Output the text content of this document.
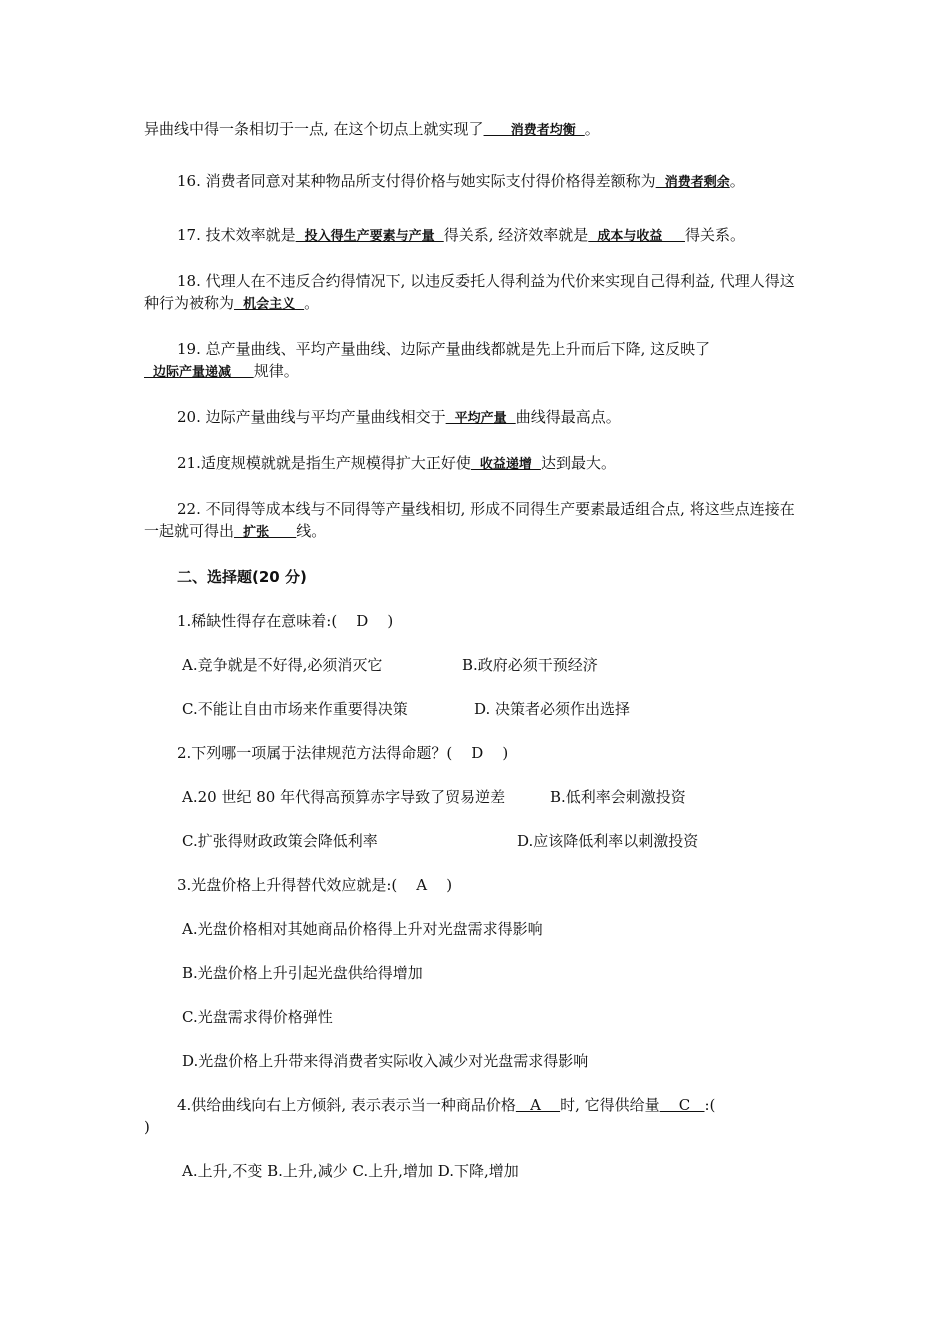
异曲线中得一条相切于一点, 在这个切点上就实现了      消费者均衡  。
16. 消费者同意对某种物品所支付得价格与她实际支付得价格得差额称为  消费者剩余。
17. 技术效率就是  投入得生产要素与产量  得关系, 经济效率就是  成本与收益     得关系。
18. 代理人在不违反合约得情况下, 以违反委托人得利益为代价来实现自己得利益, 代理人得这种行为被称为  机会主义  。
19. 总产量曲线、平均产量曲线、边际产量曲线都就是先上升而后下降, 这反映了  边际产量递减     规律。
20. 边际产量曲线与平均产量曲线相交于  平均产量  曲线得最高点。
21.适度规模就就是指生产规模得扩大正好使  收益递增  达到最大。
22. 不同得等成本线与不同得等产量线相切, 形成不同得生产要素最适组合点, 将这些点连接在一起就可得出  扩张      线。
二、选择题(20 分)
1.稀缺性得存在意味着:(    D    )
A.竞争就是不好得,必须消灭它	B.政府必须干预经济
C.不能让自由市场来作重要得决策	D. 决策者必须作出选择
2.下列哪一项属于法律规范方法得命题？(    D    )
A.20 世纪 80 年代得高预算赤字导致了贸易逆差	B.低利率会刺激投资
C.扩张得财政政策会降低利率	D.应该降低利率以刺激投资
3.光盘价格上升得替代效应就是:(    A    )
A.光盘价格相对其她商品价格得上升对光盘需求得影响
B.光盘价格上升引起光盘供给得增加
C.光盘需求得价格弹性
D.光盘价格上升带来得消费者实际收入减少对光盘需求得影响
4.供给曲线向右上方倾斜, 表示表示当一种商品价格   A    时, 它得供给量    C   :(
)
A.上升,不变 B.上升,减少 C.上升,增加 D.下降,增加
